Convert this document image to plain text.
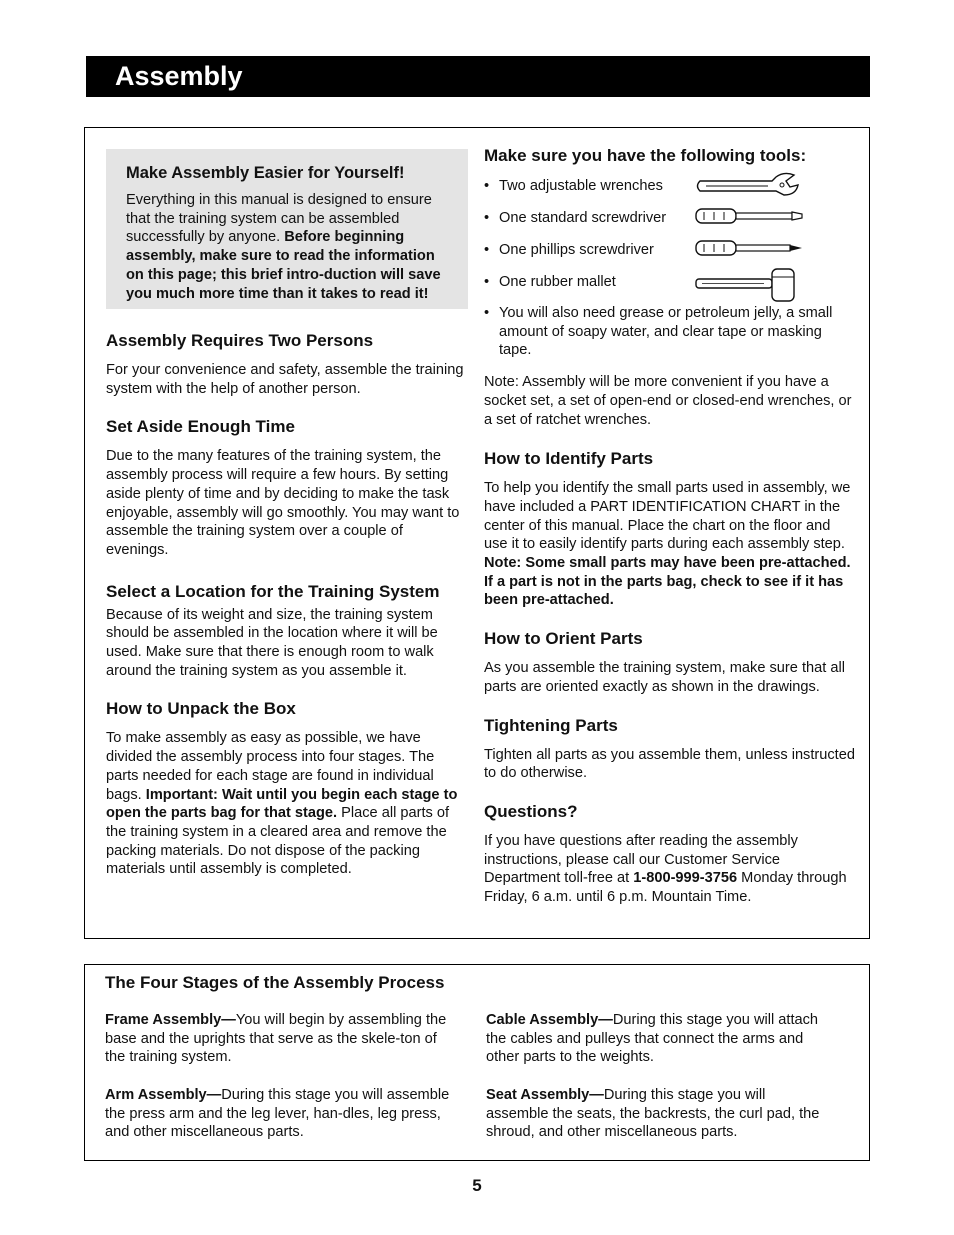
Assembly
Make Assembly Easier for Yourself!

Everything in this manual is designed to ensure that the training system can be assembled successfully by anyone. Before beginning assembly, make sure to read the information on this page; this brief intro-duction will save you much more time than it takes to read it!

Assembly Requires Two Persons

For your convenience and safety, assemble the training system with the help of another person.

Set Aside Enough Time

Due to the many features of the training system, the assembly process will require a few hours. By setting aside plenty of time and by deciding to make the task enjoyable, assembly will go smoothly. You may want to assemble the training system over a couple of evenings.

Select a Location for the Training System

Because of its weight and size, the training system should be assembled in the location where it will be used. Make sure that there is enough room to walk around the training system as you assemble it.

How to Unpack the Box

To make assembly as easy as possible, we have divided the assembly process into four stages. The parts needed for each stage are found in individual bags. Important: Wait until you begin each stage to open the parts bag for that stage. Place all parts of the training system in a cleared area and remove the packing materials. Do not dispose of the packing materials until assembly is completed.

Make sure you have the following tools:
• Two adjustable wrenches
• One standard screwdriver
• One phillips screwdriver
• One rubber mallet
• You will also need grease or petroleum jelly, a small amount of soapy water, and clear tape or masking tape.

Note: Assembly will be more convenient if you have a socket set, a set of open-end or closed-end wrenches, or a set of ratchet wrenches.

How to Identify Parts

To help you identify the small parts used in assembly, we have included a PART IDENTIFICATION CHART in the center of this manual. Place the chart on the floor and use it to easily identify parts during each assembly step. Note: Some small parts may have been pre-attached. If a part is not in the parts bag, check to see if it has been pre-attached.

How to Orient Parts

As you assemble the training system, make sure that all parts are oriented exactly as shown in the drawings.

Tightening Parts

Tighten all parts as you assemble them, unless instructed to do otherwise.

Questions?

If you have questions after reading the assembly instructions, please call our Customer Service Department toll-free at 1-800-999-3756 Monday through Friday, 6 a.m. until 6 p.m. Mountain Time.

The Four Stages of the Assembly Process

Frame Assembly—You will begin by assembling the base and the uprights that serve as the skele-ton of the training system.

Arm Assembly—During this stage you will assemble the press arm and the leg lever, han-dles, leg press, and other miscellaneous parts.

Cable Assembly—During this stage you will attach the cables and pulleys that connect the arms and other parts to the weights.

Seat Assembly—During this stage you will assemble the seats, the backrests, the curl pad, the shroud, and other miscellaneous parts.

5
